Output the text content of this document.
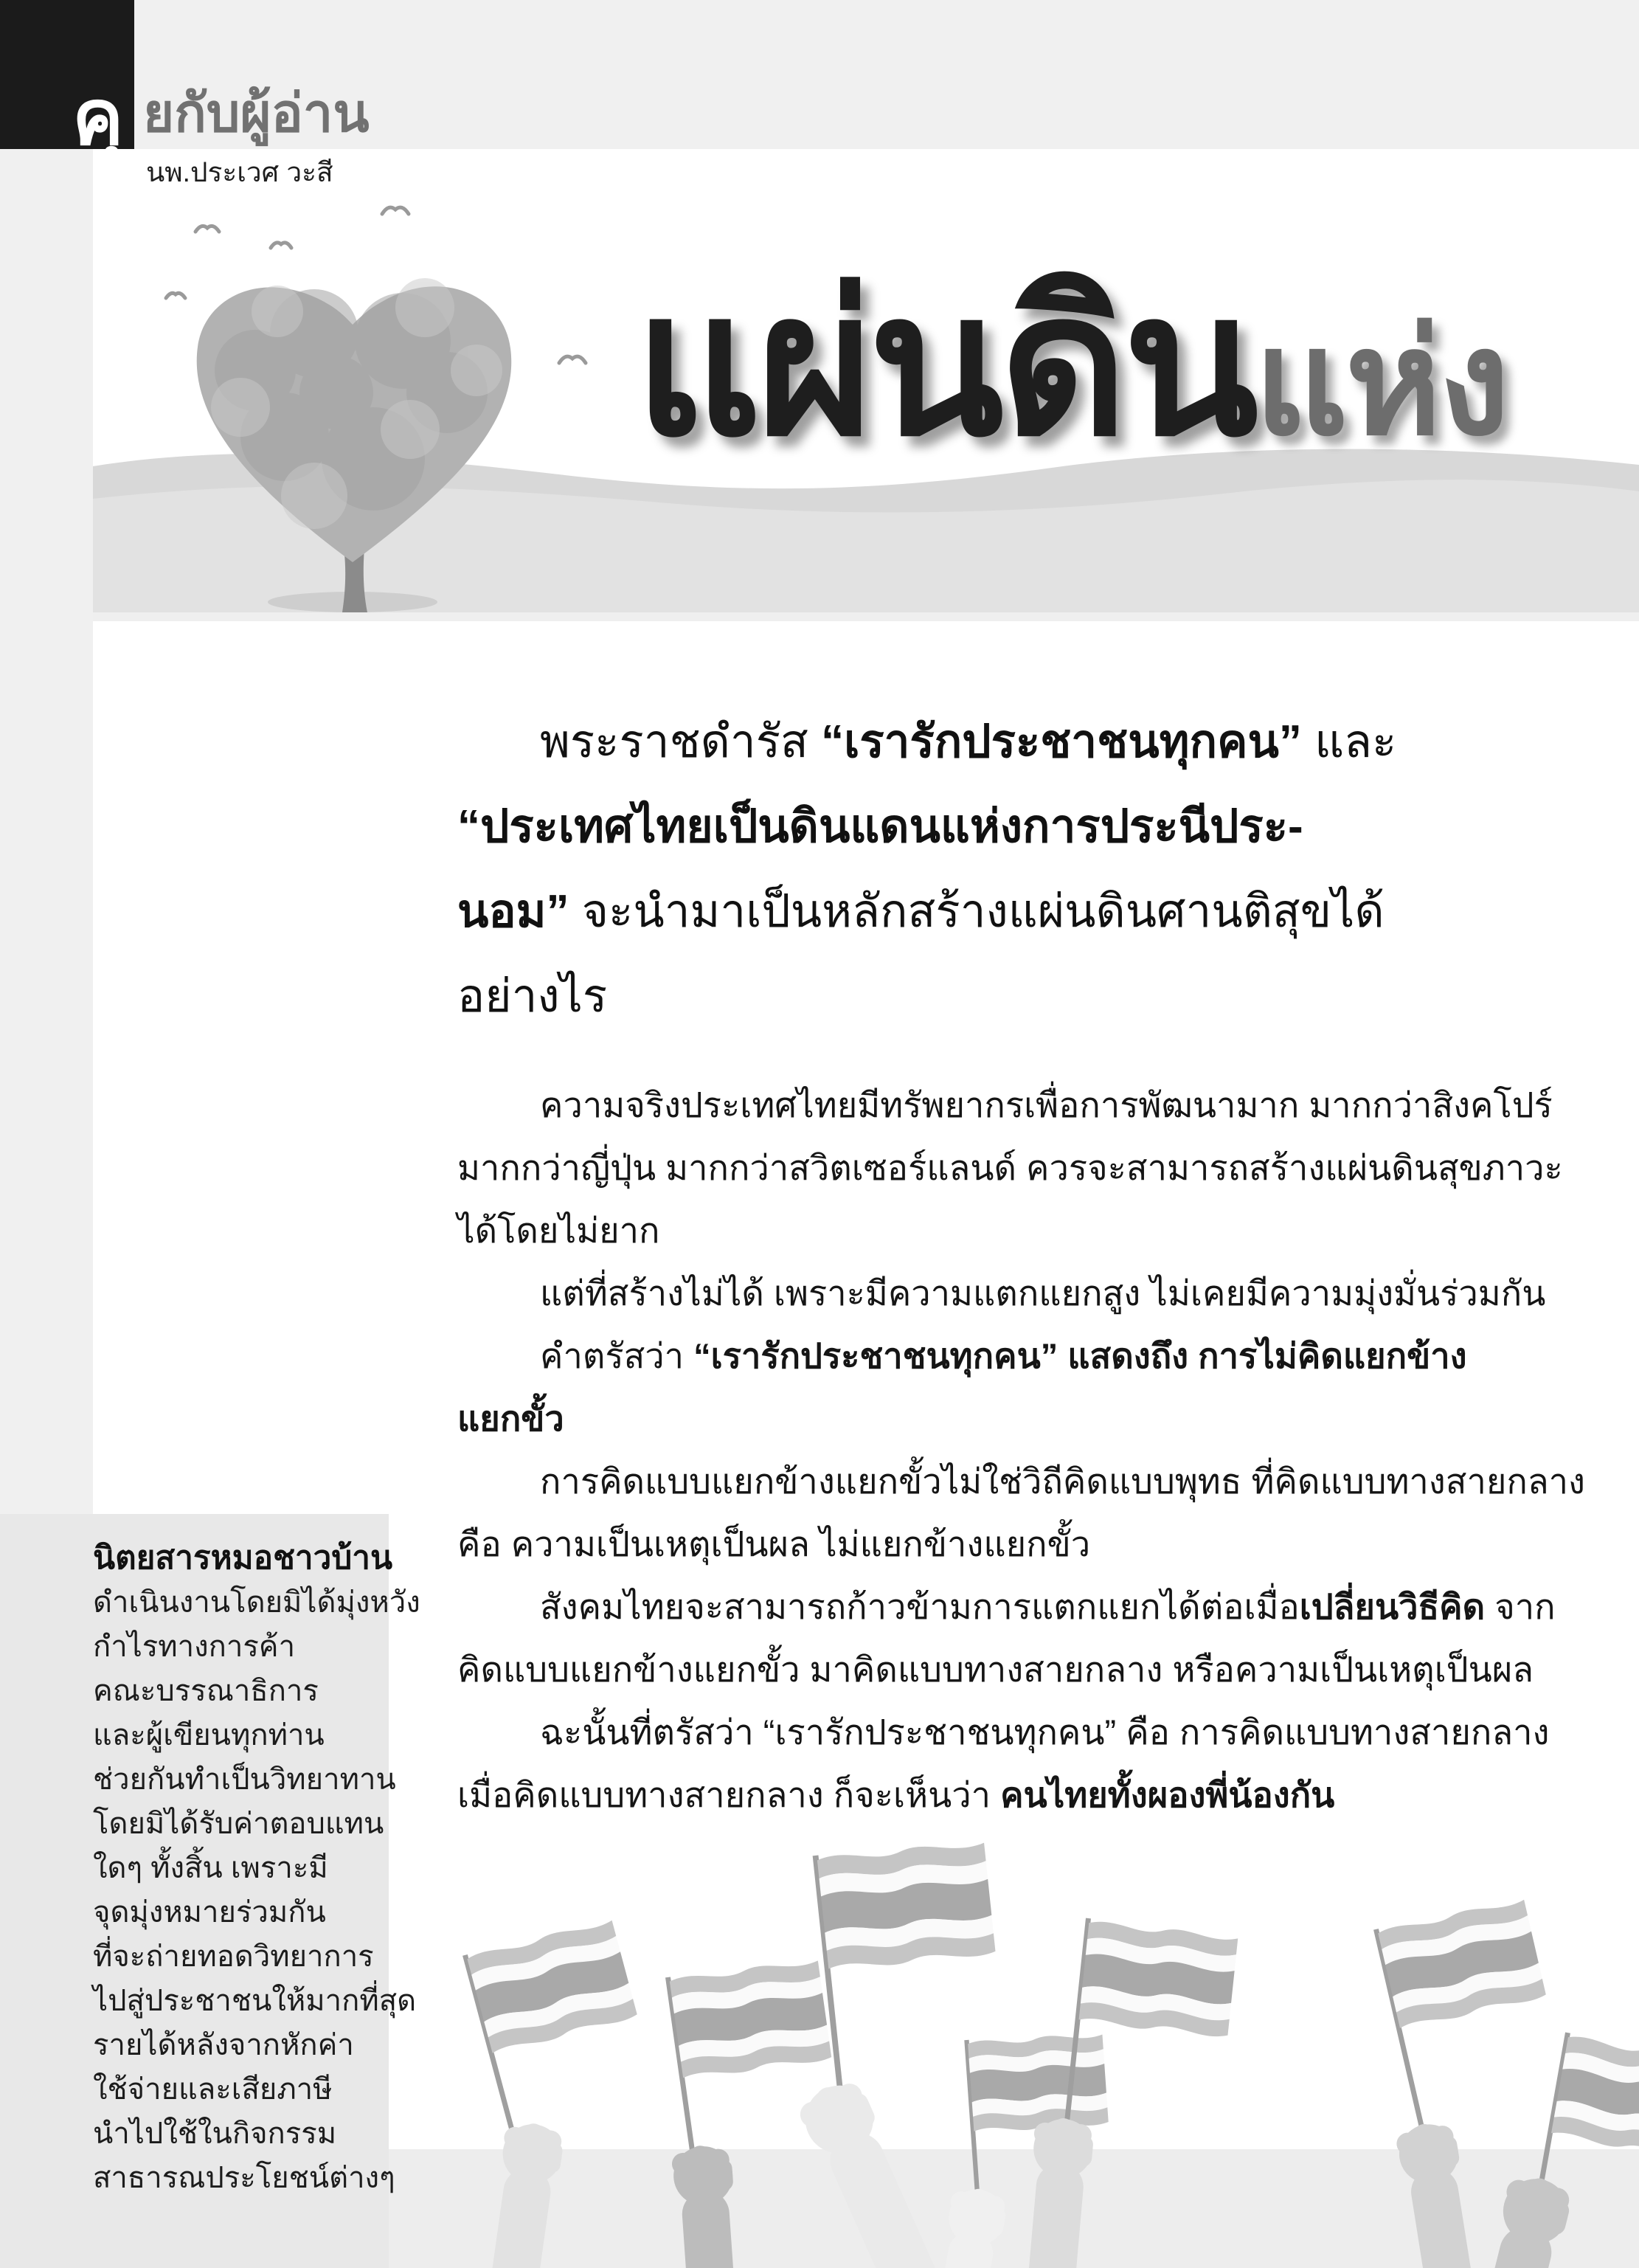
คุ ยกับผู้อ่าน
นพ.ประเวศ วะสี
แผ่นดินแห่ง
พระราชดำรัส “เรารักประชาชนทุกคน” และ
“ประเทศไทยเป็นดินแดนแห่งการประนีประ-
นอม” จะนำมาเป็นหลักสร้างแผ่นดินศานติสุขได้
อย่างไร
ความจริงประเทศไทยมีทรัพยากรเพื่อการพัฒนามาก มากกว่าสิงคโปร์
มากกว่าญี่ปุ่น มากกว่าสวิตเซอร์แลนด์ ควรจะสามารถสร้างแผ่นดินสุขภาวะ
ได้โดยไม่ยาก
แต่ที่สร้างไม่ได้ เพราะมีความแตกแยกสูง ไม่เคยมีความมุ่งมั่นร่วมกัน
คำตรัสว่า “เรารักประชาชนทุกคน” แสดงถึง การไม่คิดแยกข้าง
แยกขั้ว
การคิดแบบแยกข้างแยกขั้วไม่ใช่วิถีคิดแบบพุทธ ที่คิดแบบทางสายกลาง
คือ ความเป็นเหตุเป็นผล ไม่แยกข้างแยกขั้ว
สังคมไทยจะสามารถก้าวข้ามการแตกแยกได้ต่อเมื่อเปลี่ยนวิธีคิด จาก
คิดแบบแยกข้างแยกขั้ว มาคิดแบบทางสายกลาง หรือความเป็นเหตุเป็นผล
ฉะนั้นที่ตรัสว่า “เรารักประชาชนทุกคน” คือ การคิดแบบทางสายกลาง
เมื่อคิดแบบทางสายกลาง ก็จะเห็นว่า คนไทยทั้งผองพี่น้องกัน
นิตยสารหมอชาวบ้าน
ดำเนินงานโดยมิได้มุ่งหวัง
กำไรทางการค้า
คณะบรรณาธิการ
และผู้เขียนทุกท่าน
ช่วยกันทำเป็นวิทยาทาน
โดยมิได้รับค่าตอบแทน
ใดๆ ทั้งสิ้น เพราะมี
จุดมุ่งหมายร่วมกัน
ที่จะถ่ายทอดวิทยาการ
ไปสู่ประชาชนให้มากที่สุด
รายได้หลังจากหักค่า
ใช้จ่ายและเสียภาษี
นำไปใช้ในกิจกรรม
สาธารณประโยชน์ต่างๆ
